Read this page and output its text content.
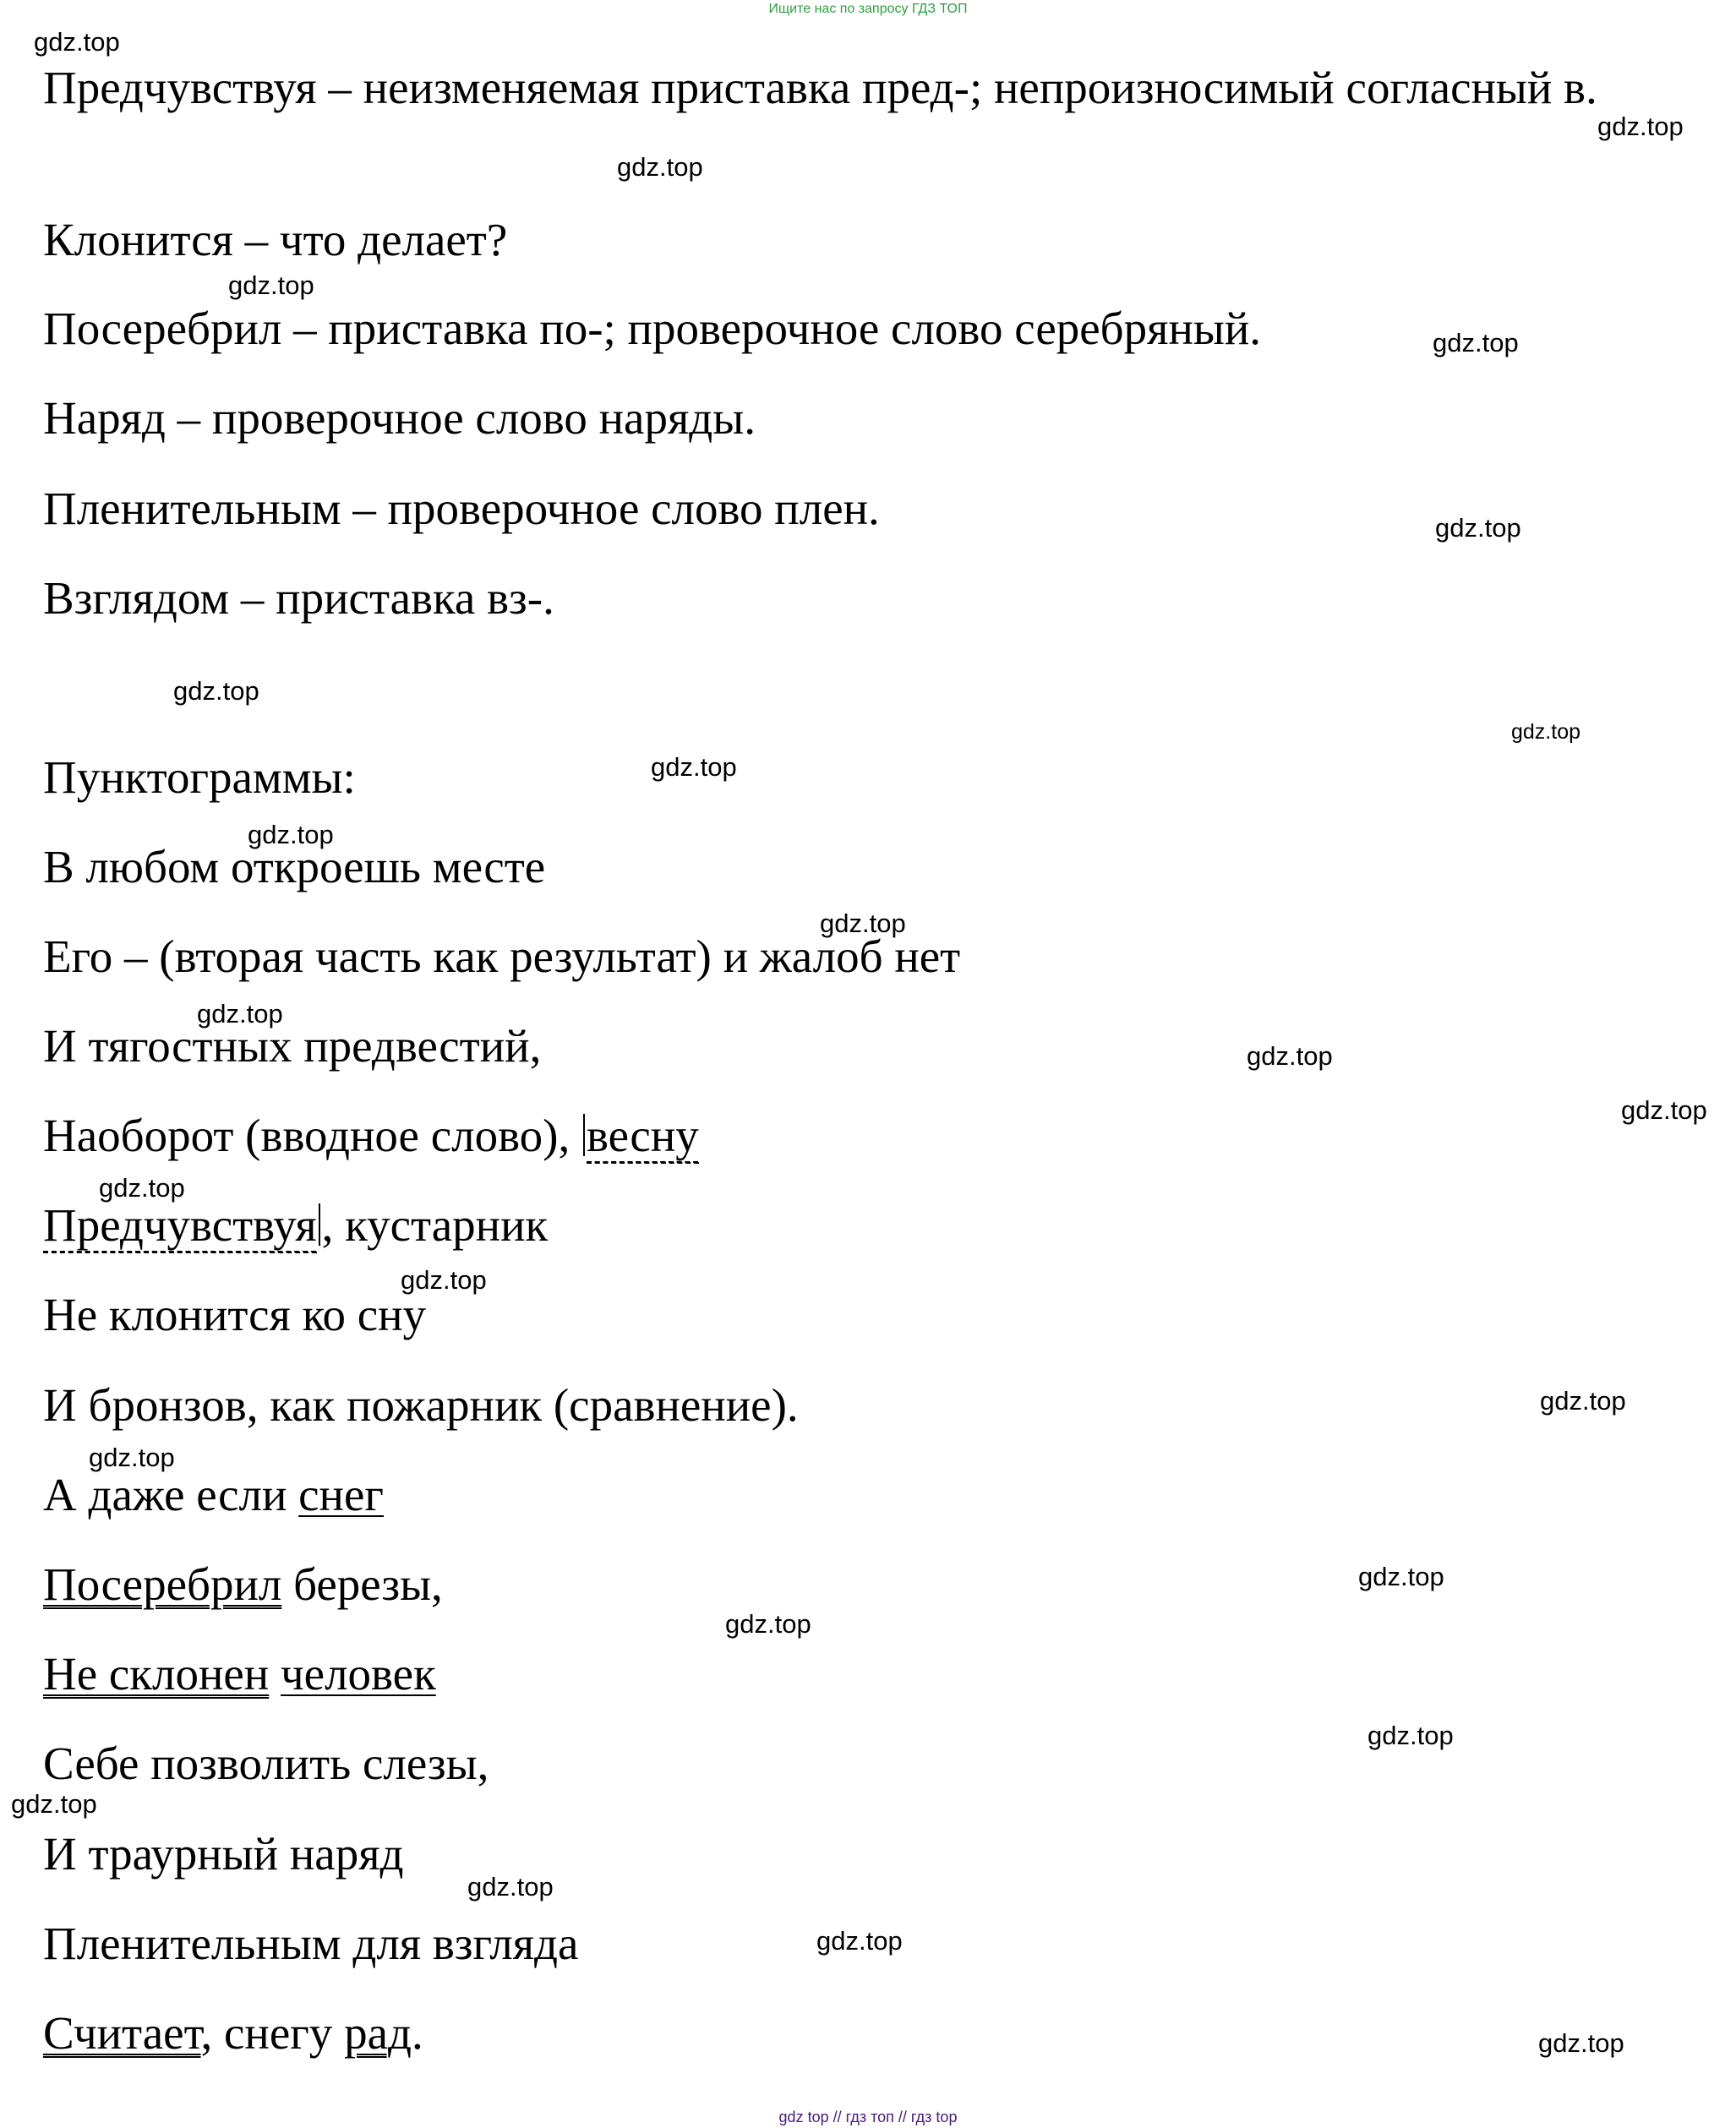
Ищите нас по запросу ГДЗ ТОП
gdz.top
gdz.top
gdz.top
gdz.top
gdz.top
gdz.top
gdz.top
gdz.top
gdz.top
gdz.top
gdz.top
gdz.top
gdz.top
gdz.top
gdz.top
gdz.top
gdz.top
gdz.top
gdz.top
gdz.top
gdz.top
gdz.top
gdz.top
gdz.top
gdz.top
Предчувствуя – неизменяемая приставка пред-; непроизносимый согласный в.
Клонится – что делает?
Посеребрил – приставка по-; проверочное слово серебряный.
Наряд – проверочное слово наряды.
Пленительным – проверочное слово плен.
Взглядом – приставка вз-.
Пунктограммы:
В любом откроешь месте
Его – (вторая часть как результат) и жалоб нет
И тягостных предвестий,
Наоборот (вводное слово), весну
Предчувствуя , кустарник
Не клонится ко сну
И бронзов, как пожарник (сравнение).
А даже если снег
Посеребрил березы,
Не склонен человек
Себе позволить слезы,
И траурный наряд
Пленительным для взгляда
Считает, снегу рад.
gdz top // гдз топ // гдз top
